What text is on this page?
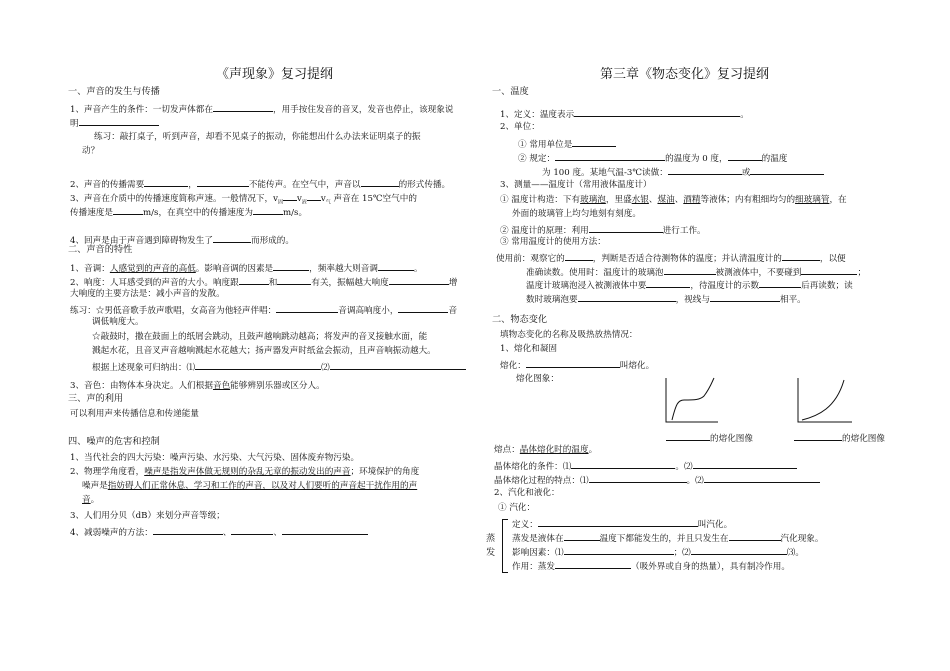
《声现象》复习提纲
一、声音的发生与传播
1、声音产生的条件：一切发声体都在	，用手按住发音的音叉，发音也停止，该现象说
明
练习：敲打桌子，听到声音，却看不见桌子的振动，你能想出什么办法来证明桌子的振
动？
2、声音的传播需要	，	不能传声。在空气中，声音以	的形式传播。
3、声音在介质中的传播速度简称声速。一般情况下，$v_固$ $v_液$ $v_气$ 声音在 15℃空气中的
传播速度是	m/s，在真空中的传播速度为	m/s。
4、回声是由于声音遇到障碍物发生了	而形成的。
二、声音的特性
1、音调：人感觉到的声音的高低。影响音调的因素是	，频率越大则音调	。
2、响度：人耳感受到的声音的大小。响度跟	和	有关，振幅越大响度	增
大响度的主要方法是：减小声音的发散。
练习：☆男低音歌手放声歌唱，女高音为他轻声伴唱：	音调高响度小，	音
调低响度大。
☆敲鼓时，撒在鼓面上的纸屑会跳动，且鼓声越响跳动越高；将发声的音叉接触水面，能
溅起水花，且音叉声音越响溅起水花越大；扬声器发声时纸盆会振动，且声音响振动越大。
根据上述现象可归纳出：⑴	⑵
3、音色：由物体本身决定。人们根据音色能够辨别乐器或区分人。
三、声的利用
可以利用声来传播信息和传递能量
四、噪声的危害和控制
1、当代社会的四大污染：噪声污染、水污染、大气污染、固体废弃物污染。
2、物理学角度看，噪声是指发声体做无规则的杂乱无章的振动发出的声音；环境保护的角度
噪声是指妨碍人们正常休息、学习和工作的声音，以及对人们要听的声音起干扰作用的声
音。
3、人们用分贝（dB）来划分声音等级；
4、减弱噪声的方法：	、	、
第三章《物态变化》复习提纲
一、温度
1、定义：温度表示	。
2、单位：
① 常用单位是
② 规定：	的温度为 0 度，	的温度
为 100 度。某地气温-3℃读做：	或
3、测量——温度计（常用液体温度计）
① 温度计构造：下有玻璃泡，里盛水银、煤油、酒精等液体；内有粗细均匀的细玻璃管，在
外面的玻璃管上均匀地刻有刻度。
② 温度计的原理：利用	进行工作。
③ 常用温度计的使用方法：
使用前：观察它的	，判断是否适合待测物体的温度；并认清温度计的	，以便
准确读数。使用时：温度计的玻璃泡	被测液体中，不要碰到	；
温度计玻璃泡浸入被测液体中要	，待温度计的示数	后再读数；读
数时玻璃泡要	，视线与	相平。
二、物态变化
填物态变化的名称及吸热放热情况：
1、熔化和凝固
熔化：	叫熔化。
熔化图象：
的熔化图像	的熔化图像
熔点：晶体熔化时的温度。
晶体熔化的条件：⑴	。⑵
晶体熔化过程的特点：⑴	。⑵
2、汽化和液化：
① 汽化：
蒸
发
定义：	叫汽化。
蒸发是液体在	温度下都能发生的，并且只发生在	汽化现象。
影响因素：⑴	；⑵	⑶。
作用：蒸发	（吸外界或自身的热量），具有制冷作用。
